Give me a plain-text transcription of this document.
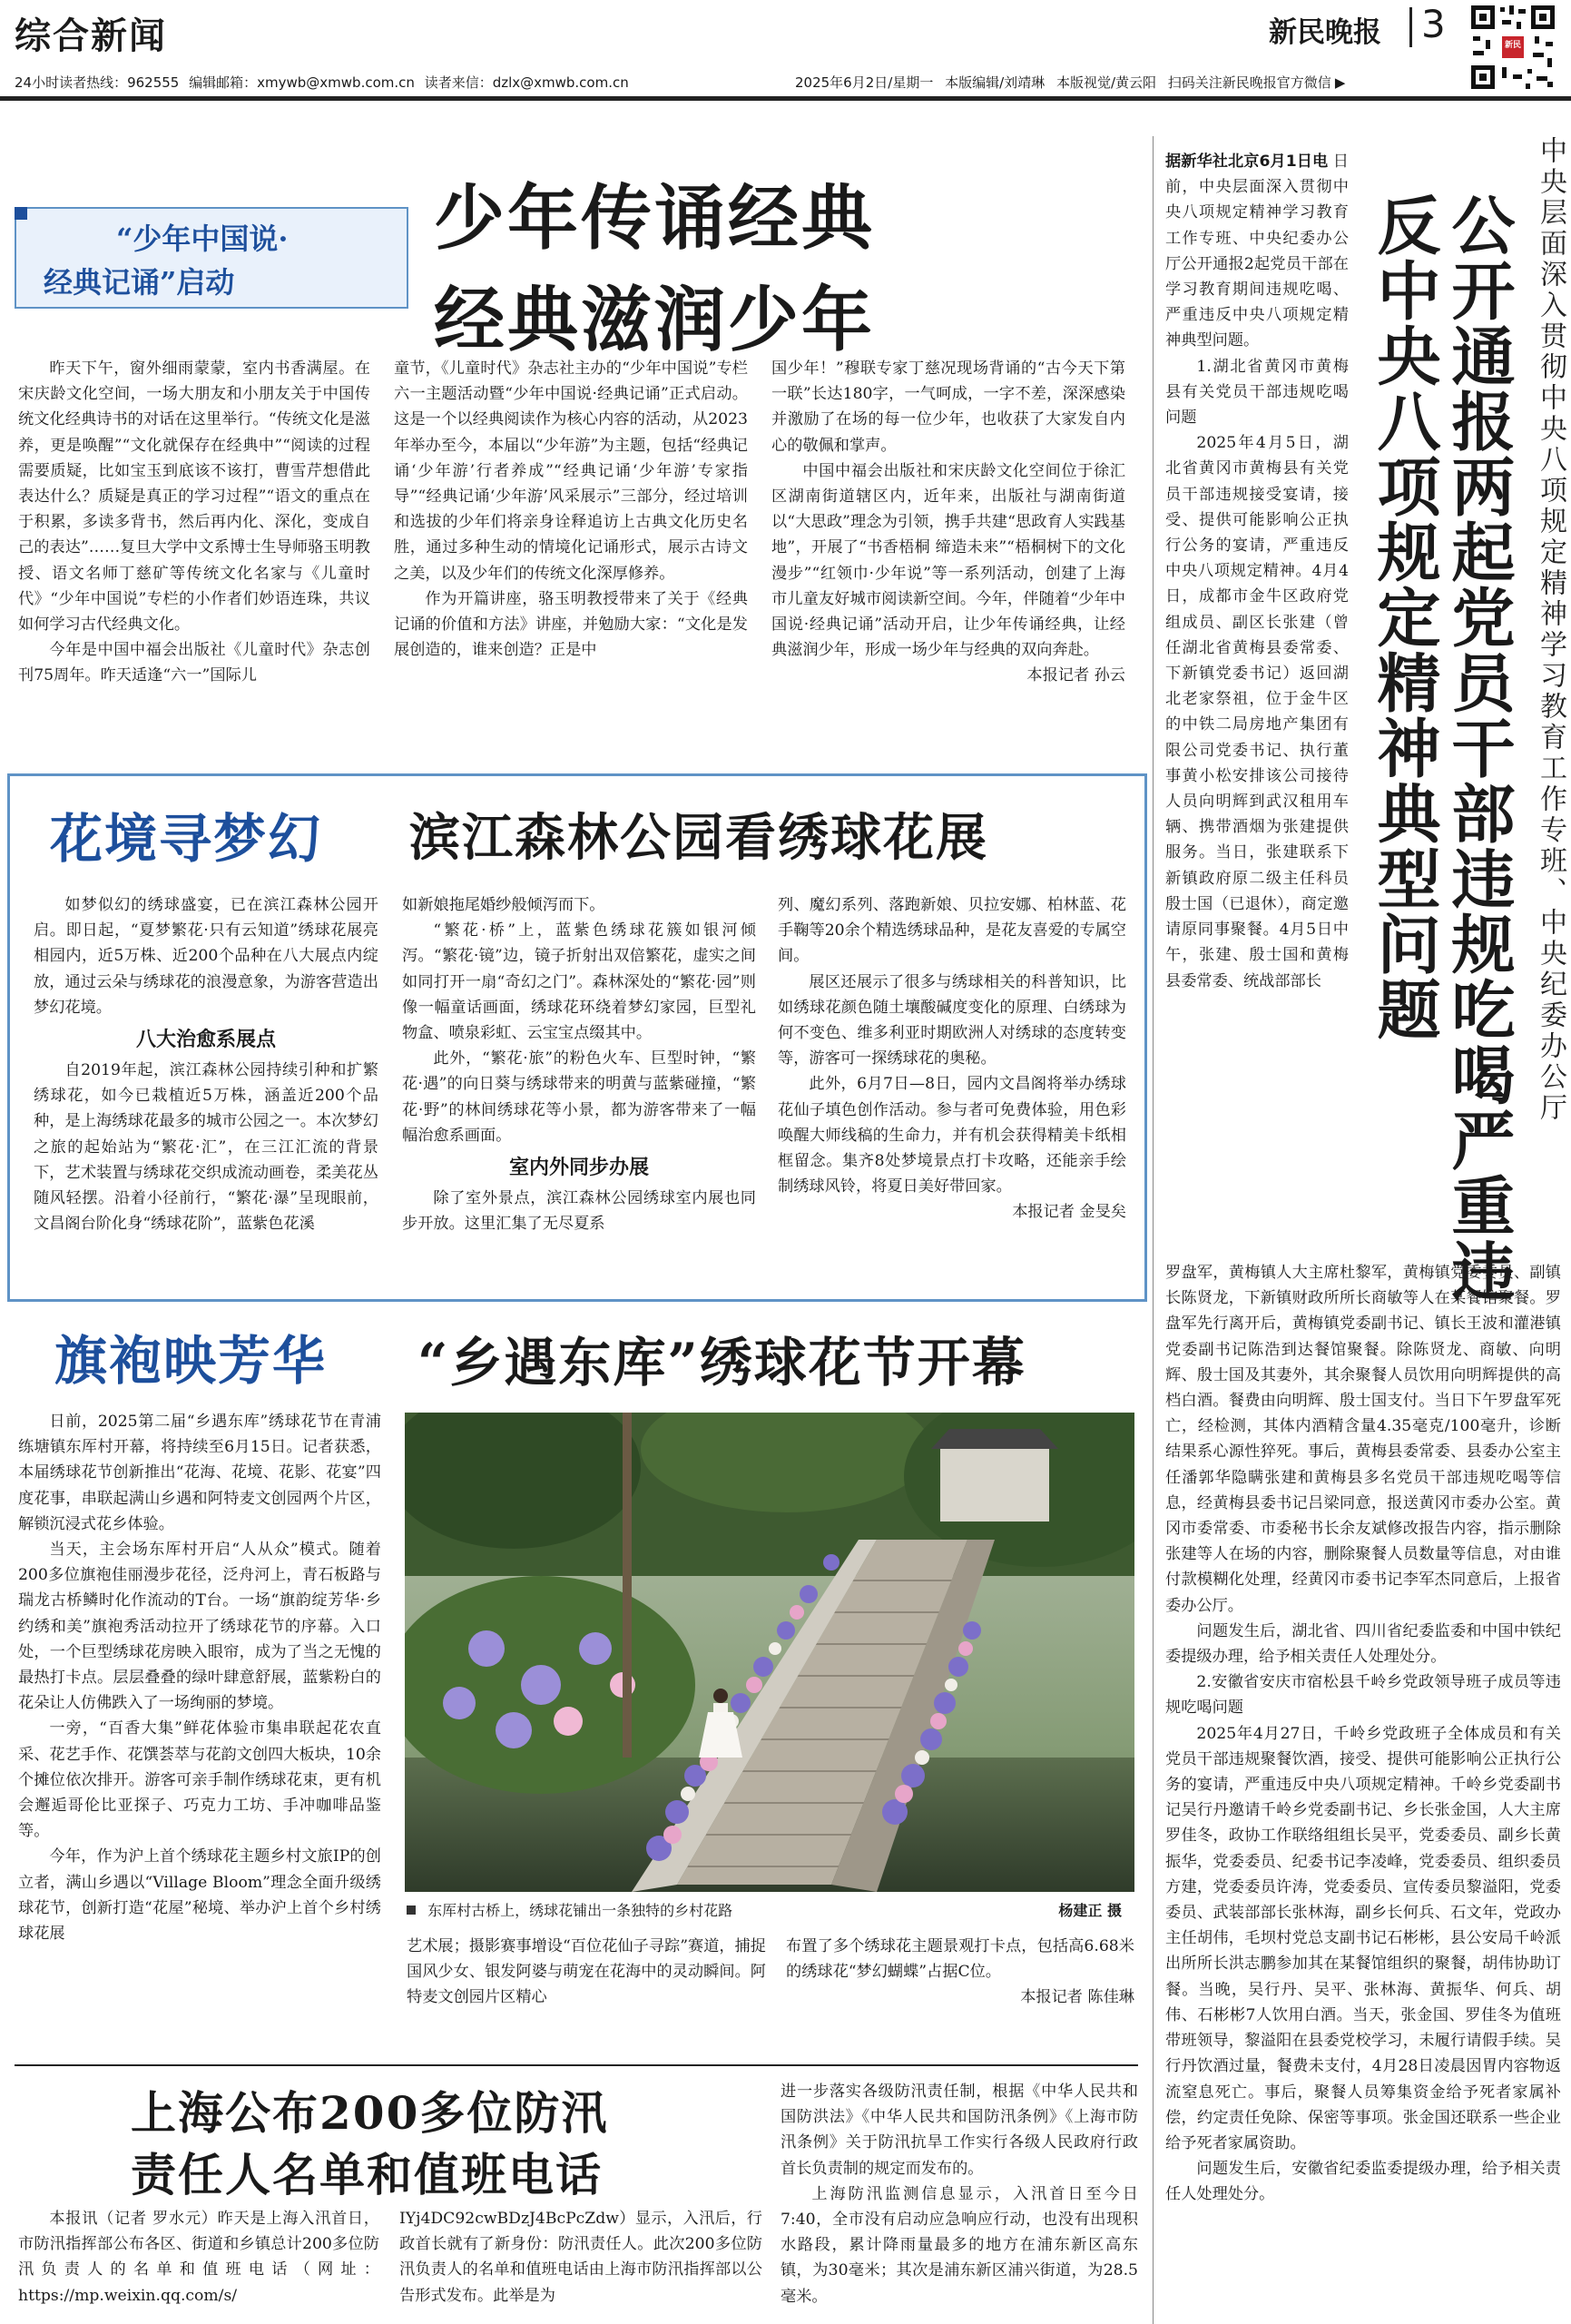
综合新闻	新民晚报 3	新民
24小时读者热线：962555 编辑邮箱：xmywb@xmwb.com.cn 读者来信：dzlx@xmwb.com.cn	2025年6月2日/星期一 本版编辑/刘靖琳 本版视觉/黄云阳 扫码关注新民晚报官方微信 ▶
“少年中国说·
经典记诵”启动
少年传诵经典
经典滋润少年

昨天下午，窗外细雨蒙蒙，室内书香满屋。在宋庆龄文化空间，一场大朋友和小朋友关于中国传统文化经典诗书的对话在这里举行。“传统文化是滋养，更是唤醒”“文化就保存在经典中”“阅读的过程需要质疑，比如宝玉到底该不该打，曹雪芹想借此表达什么？质疑是真正的学习过程”“语文的重点在于积累，多读多背书，然后再内化、深化，变成自己的表达”……复旦大学中文系博士生导师骆玉明教授、语文名师丁慈矿等传统文化名家与《儿童时代》“少年中国说”专栏的小作者们妙语连珠，共议如何学习古代经典文化。

今年是中国中福会出版社《儿童时代》杂志创刊75周年。昨天适逢“六一”国际儿

童节，《儿童时代》杂志社主办的“少年中国说”专栏六一主题活动暨“少年中国说·经典记诵”正式启动。这是一个以经典阅读作为核心内容的活动，从2023年举办至今，本届以“少年游”为主题，包括“经典记诵‘少年游’行者养成”“经典记诵‘少年游’专家指导”“经典记诵‘少年游’风采展示”三部分，经过培训和选拔的少年们将亲身诠释追访上古典文化历史名胜，通过多种生动的情境化记诵形式，展示古诗文之美，以及少年们的传统文化深厚修养。

作为开篇讲座，骆玉明教授带来了关于《经典记诵的价值和方法》讲座，并勉励大家：“文化是发展创造的，谁来创造？正是中

国少年！”穆联专家丁慈况现场背诵的“古今天下第一联”长达180字，一气呵成，一字不差，深深感染并激励了在场的每一位少年，也收获了大家发自内心的敬佩和掌声。

中国中福会出版社和宋庆龄文化空间位于徐汇区湖南街道辖区内，近年来，出版社与湖南街道以“大思政”理念为引领，携手共建“思政育人实践基地”，开展了“书香梧桐 缔造未来”“梧桐树下的文化漫步”“红领巾·少年说”等一系列活动，创建了上海市儿童友好城市阅读新空间。今年，伴随着“少年中国说·经典记诵”活动开启，让少年传诵经典，让经典滋润少年，形成一场少年与经典的双向奔赴。

本报记者 孙云

花境寻梦幻 滨江森林公园看绣球花展

如梦似幻的绣球盛宴，已在滨江森林公园开启。即日起，“夏梦繁花·只有云知道”绣球花展亮相园内，近5万株、近200个品种在八大展点内绽放，通过云朵与绣球花的浪漫意象，为游客营造出梦幻花境。

八大治愈系展点

自2019年起，滨江森林公园持续引种和扩繁绣球花，如今已栽植近5万株，涵盖近200个品种，是上海绣球花最多的城市公园之一。本次梦幻之旅的起始站为“繁花·汇”，在三江汇流的背景下，艺术装置与绣球花交织成流动画卷，柔美花丛随风轻摆。沿着小径前行，“繁花·瀑”呈现眼前，文昌阁台阶化身“绣球花阶”，蓝紫色花溪

如新娘拖尾婚纱般倾泻而下。

“繁花·桥”上，蓝紫色绣球花簇如银河倾泻。“繁花·镜”边，镜子折射出双倍繁花，虚实之间如同打开一扇“奇幻之门”。森林深处的“繁花·园”则像一幅童话画面，绣球花环绕着梦幻家园，巨型礼物盒、喷泉彩虹、云宝宝点缀其中。

此外，“繁花·旅”的粉色火车、巨型时钟，“繁花·遇”的向日葵与绣球带来的明黄与蓝紫碰撞，“繁花·野”的林间绣球花等小景，都为游客带来了一幅幅治愈系画面。

室内外同步办展

除了室外景点，滨江森林公园绣球室内展也同步开放。这里汇集了无尽夏系

列、魔幻系列、落跑新娘、贝拉安娜、柏林蓝、花手鞠等20余个精选绣球品种，是花友喜爱的专属空间。

展区还展示了很多与绣球相关的科普知识，比如绣球花颜色随土壤酸碱度变化的原理、白绣球为何不变色、维多利亚时期欧洲人对绣球的态度转变等，游客可一探绣球花的奥秘。

此外，6月7日—8日，园内文昌阁将举办绣球花仙子填色创作活动。参与者可免费体验，用色彩唤醒大师线稿的生命力，并有机会获得精美卡纸相框留念。集齐8处梦境景点打卡攻略，还能亲手绘制绣球风铃，将夏日美好带回家。

本报记者 金旻矣

旗袍映芳华 “乡遇东库”绣球花节开幕

日前，2025第二届“乡遇东库”绣球花节在青浦练塘镇东厍村开幕，将持续至6月15日。记者获悉，本届绣球花节创新推出“花海、花境、花影、花宴”四度花事，串联起满山乡遇和阿特麦文创园两个片区，解锁沉浸式花乡体验。

当天，主会场东厍村开启“人从众”模式。随着200多位旗袍佳丽漫步花径，泛舟河上，青石板路与瑞龙古桥鳞时化作流动的T台。一场“旗韵绽芳华·乡约绣和美”旗袍秀活动拉开了绣球花节的序幕。入口处，一个巨型绣球花房映入眼帘，成为了当之无愧的最热打卡点。层层叠叠的绿叶肆意舒展，蓝紫粉白的花朵让人仿佛跌入了一场绚丽的梦境。

一旁，“百香大集”鲜花体验市集串联起花农直采、花艺手作、花馔荟萃与花韵文创四大板块，10余个摊位依次排开。游客可亲手制作绣球花束，更有机会邂逅哥伦比亚探子、巧克力工坊、手冲咖啡品鉴等。

今年，作为沪上首个绣球花主题乡村文旅IP的创立者，满山乡遇以“Village Bloom”理念全面升级绣球花节，创新打造“花屋”秘境、举办沪上首个乡村绣球花展

东厍村古桥上，绣球花铺出一条独特的乡村花路	杨建正 摄

艺术展；摄影赛事增设“百位花仙子寻踪”赛道，捕捉国风少女、银发阿婆与萌宠在花海中的灵动瞬间。阿特麦文创园片区精心

布置了多个绣球花主题景观打卡点，包括高6.68米的绣球花“梦幻蝴蝶”占据C位。

本报记者 陈佳琳

上海公布200多位防汛
责任人名单和值班电话

本报讯（记者 罗水元）昨天是上海入汛首日，市防汛指挥部公布各区、街道和乡镇总计200多位防汛负责人的名单和值班电话（网址：https://mp.weixin.qq.com/s/

IYj4DC92cwBDzJ4BcPcZdw）显示，入汛后，行政首长就有了新身份：防汛责任人。此次200多位防汛负责人的名单和值班电话由上海市防汛指挥部以公告形式发布。此举是为

进一步落实各级防汛责任制，根据《中华人民共和国防洪法》《中华人民共和国防汛条例》《上海市防汛条例》关于防汛抗旱工作实行各级人民政府行政首长负责制的规定而发布的。

上海防汛监测信息显示，入汛首日至今日7:40，全市没有启动应急响应行动，也没有出现积水路段，累计降雨量最多的地方在浦东新区高东镇，为30毫米；其次是浦东新区浦兴街道，为28.5毫米。

中央层面深入贯彻中央八项规定精神学习教育工作专班、中央纪委办公厅
公开通报两起党员干部违规吃喝严重违反中央八项规定精神典型问题

据新华社北京6月1日电 日前，中央层面深入贯彻中央八项规定精神学习教育工作专班、中央纪委办公厅公开通报2起党员干部在学习教育期间违规吃喝、严重违反中央八项规定精神典型问题。

1.湖北省黄冈市黄梅县有关党员干部违规吃喝问题

2025年4月5日，湖北省黄冈市黄梅县有关党员干部违规接受宴请，接受、提供可能影响公正执行公务的宴请，严重违反中央八项规定精神。4月4日，成都市金牛区政府党组成员、副区长张建（曾任湖北省黄梅县委常委、下新镇党委书记）返回湖北老家祭祖，位于金牛区的中铁二局房地产集团有限公司党委书记、执行董事黄小松安排该公司接待人员向明辉到武汉租用车辆、携带酒烟为张建提供服务。当日，张建联系下新镇政府原二级主任科员殷士国（已退休），商定邀请原同事聚餐。4月5日中午，张建、殷士国和黄梅县委常委、统战部部长

罗盘军，黄梅镇人大主席杜黎军，黄梅镇党委委员、副镇长陈贤龙，下新镇财政所所长商敏等人在某餐馆聚餐。罗盘军先行离开后，黄梅镇党委副书记、镇长王波和灌港镇党委副书记陈浩到达餐馆聚餐。除陈贤龙、商敏、向明辉、殷士国及其妻外，其余聚餐人员饮用向明辉提供的高档白酒。餐费由向明辉、殷士国支付。当日下午罗盘军死亡，经检测，其体内酒精含量4.35毫克/100毫升，诊断结果系心源性猝死。事后，黄梅县委常委、县委办公室主任潘郭华隐瞒张建和黄梅县多名党员干部违规吃喝等信息，经黄梅县委书记吕梁同意，报送黄冈市委办公室。黄冈市委常委、市委秘书长余友斌修改报告内容，指示删除张建等人在场的内容，删除聚餐人员数量等信息，对由谁付款模糊化处理，经黄冈市委书记李军杰同意后，上报省委办公厅。

问题发生后，湖北省、四川省纪委监委和中国中铁纪委提级办理，给予相关责任人处理处分。

2.安徽省安庆市宿松县千岭乡党政领导班子成员等违规吃喝问题

2025年4月27日，千岭乡党政班子全体成员和有关党员干部违规聚餐饮酒，接受、提供可能影响公正执行公务的宴请，严重违反中央八项规定精神。千岭乡党委副书记吴行丹邀请千岭乡党委副书记、乡长张金国，人大主席罗佳冬，政协工作联络组组长吴平，党委委员、副乡长黄振华，党委委员、纪委书记李凌峰，党委委员、组织委员方建，党委委员许涛，党委委员、宣传委员黎溢阳，党委委员、武装部部长张林海，副乡长何兵、石文年，党政办主任胡伟，毛坝村党总支副书记石彬彬，县公安局千岭派出所所长洪志鹏参加其在某餐馆组织的聚餐，胡伟协助订餐。当晚，吴行丹、吴平、张林海、黄振华、何兵、胡伟、石彬彬7人饮用白酒。当天，张金国、罗佳冬为值班带班领导，黎溢阳在县委党校学习，未履行请假手续。吴行丹饮酒过量，餐费未支付，4月28日凌晨因胃内容物返流窒息死亡。事后，聚餐人员筹集资金给予死者家属补偿，约定责任免除、保密等事项。张金国还联系一些企业给予死者家属资助。

问题发生后，安徽省纪委监委提级办理，给予相关责任人处理处分。
